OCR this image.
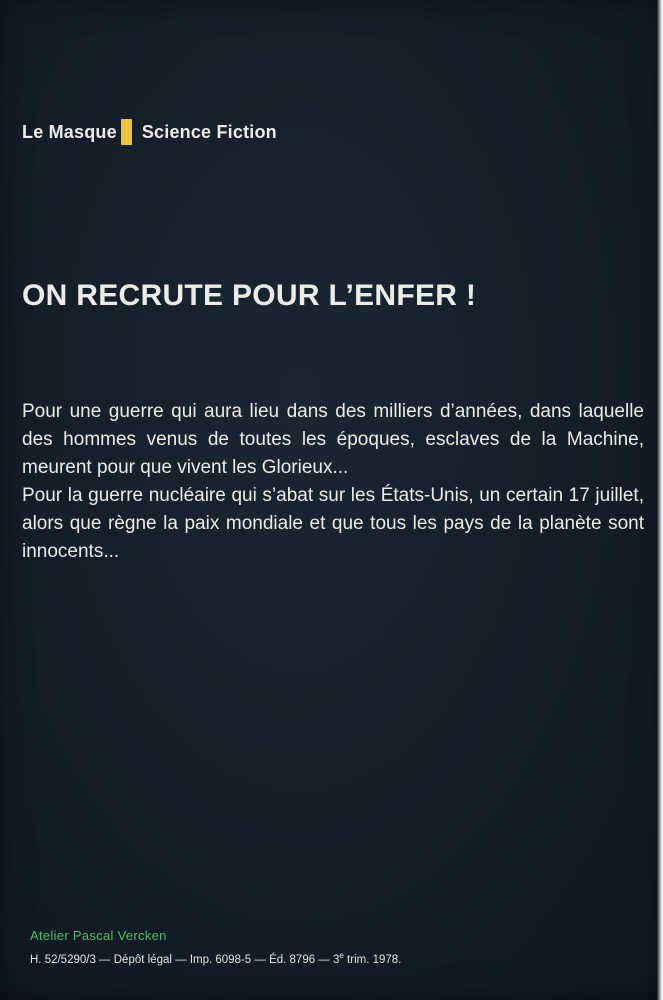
Le Masque Science Fiction
ON RECRUTE POUR L’ENFER !

Pour une guerre qui aura lieu dans des milliers d’années, dans laquelle des hommes venus de toutes les époques, esclaves de la Machine, meurent pour que vivent les Glorieux...

Pour la guerre nucléaire qui s’abat sur les États-Unis, un certain 17 juillet, alors que règne la paix mondiale et que tous les pays de la planète sont innocents...

Atelier Pascal Vercken
H. 52/5290/3 — Dépôt légal — Imp. 6098-5 — Éd. 8796 — 3e trim. 1978.
